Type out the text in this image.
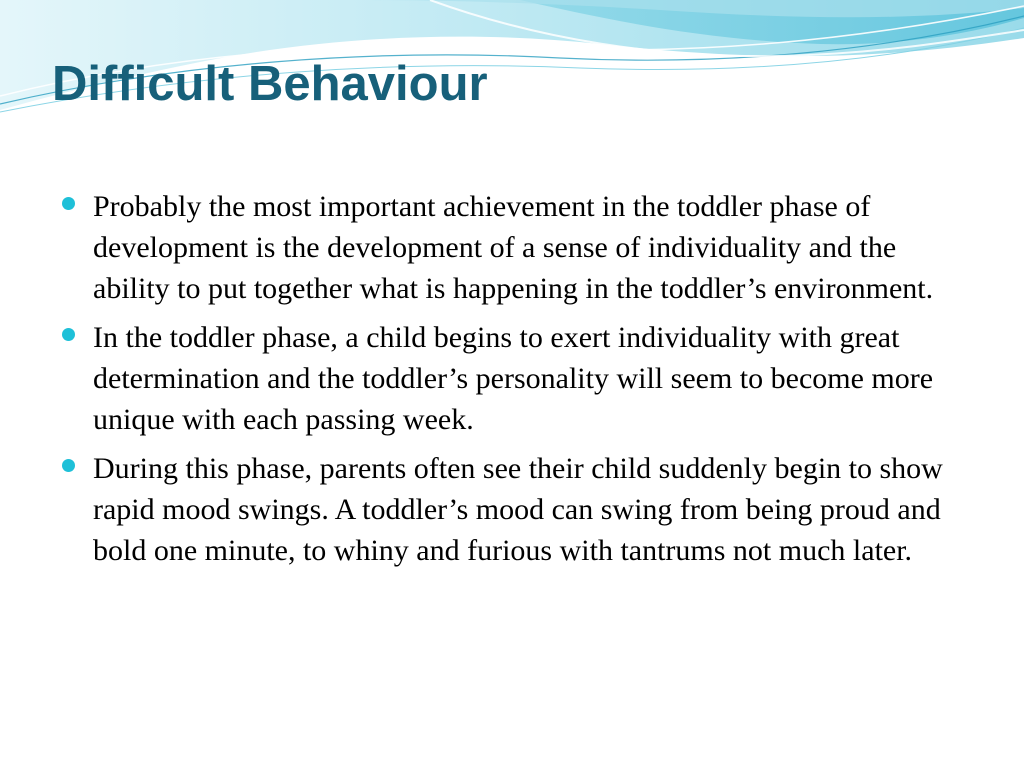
Difficult Behaviour
Probably the most important achievement in the toddler phase of development is the development of a sense of individuality and the ability to put together what is happening in the toddler’s environment.
In the toddler phase, a child begins to exert individuality with great determination and the toddler’s personality will seem to become more unique with each passing week.
During this phase, parents often see their child suddenly begin to show rapid mood swings. A toddler’s mood can swing from being proud and bold one minute, to whiny and furious with tantrums not much later.
